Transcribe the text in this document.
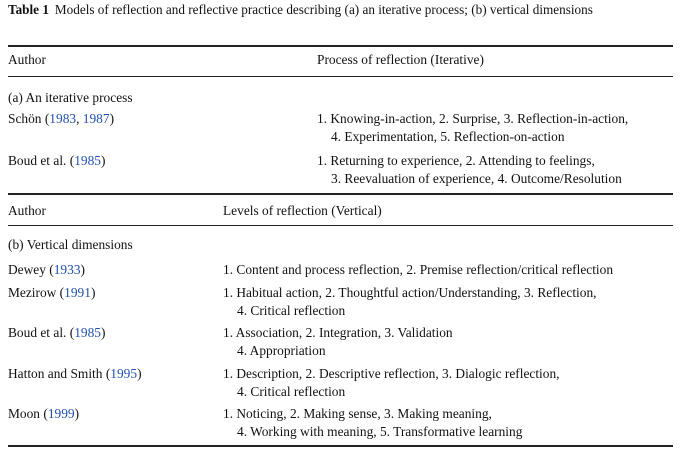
Table 1 Models of reflection and reflective practice describing (a) an iterative process; (b) vertical dimensions
Author	Process of reflection (Iterative)
(a) An iterative process
Schön (1983, 1987)	1. Knowing-in-action, 2. Surprise, 3. Reflection-in-action,
4. Experimentation, 5. Reflection-on-action
Boud et al. (1985)	1. Returning to experience, 2. Attending to feelings,
3. Reevaluation of experience, 4. Outcome/Resolution
Author	Levels of reflection (Vertical)
(b) Vertical dimensions
Dewey (1933)	1. Content and process reflection, 2. Premise reflection/critical reflection
Mezirow (1991)	1. Habitual action, 2. Thoughtful action/Understanding, 3. Reflection,
4. Critical reflection
Boud et al. (1985)	1. Association, 2. Integration, 3. Validation
4. Appropriation
Hatton and Smith (1995)	1. Description, 2. Descriptive reflection, 3. Dialogic reflection,
4. Critical reflection
Moon (1999)	1. Noticing, 2. Making sense, 3. Making meaning,
4. Working with meaning, 5. Transformative learning
